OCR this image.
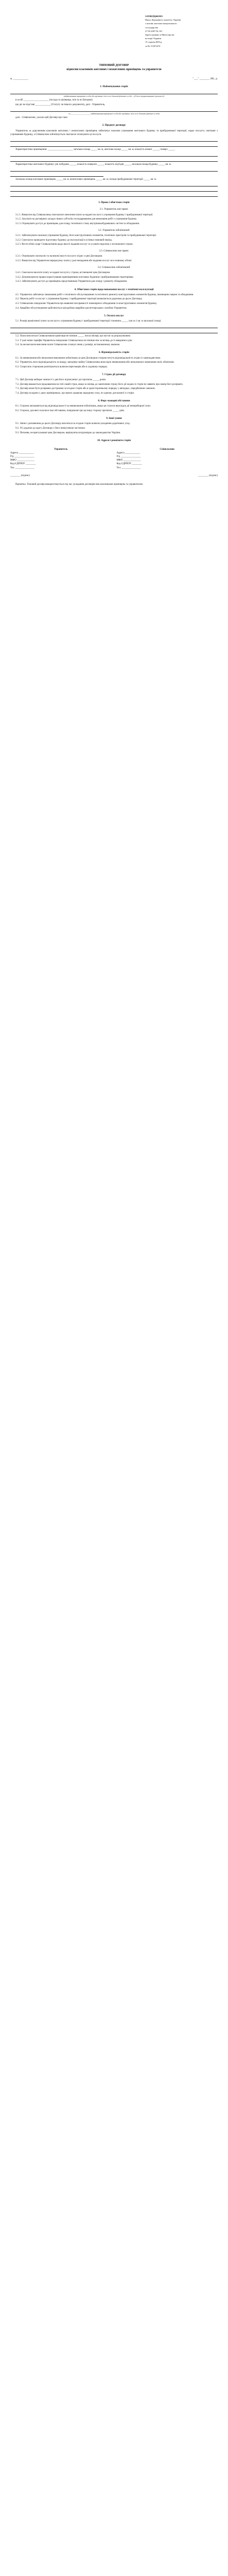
ЗАТВЕРДЖЕНО
Наказ Державного комітету України
з питань житлово-комунального
господарства
27.05.2007 № 101
Зареєстровано в Міністерстві
юстиції України
15 серпня 2003 р.
за № 1159/5474
ТИПОВИЙ ДОГОВІР
відносин власників житлових і нежитлових приміщень та управителя
м. ____________	" ___" ________ 200_ р.
1. Найменування сторін
(найменування юридичної особи або прізвище, ім'я та по батькові фізичної особи - суб'єкта підприємницької діяльності)
в особі ____________________ (посада та прізвище, ім'я та по батькові)
що діє на підставі ____________ (Статуту чи іншого документа), далі - Управитель,
та ____________________ (найменування юридичної особи або прізвище, ім'я та по батькові фізичної особи)
далі - Співвласник, уклали цей Договір про таке:
2. Предмет договору
Управитель за дорученням власників житлових і нежитлових приміщень забезпечує належне утримання житлового будинку та прибудинкової території, надає послуги, пов'язані з утриманням будинку, а Співвласник зобов'язується своєчасно оплачувати ці послуги.
Характеристика приміщення: ____________________ загальна площа _____ кв. м, житлова площа _____ кв. м, кількість кімнат _____, поверх _____.
Характеристика житлового будинку: рік побудови _____, кількість поверхів _____, кількість під'їздів _____, загальна площа будинку _____ кв. м.
Загальна площа житлових приміщень _____ кв. м, нежитлових приміщень _____ кв. м, площа прибудинкової території _____ кв. м.
3. Права і обов'язки сторін
3.1. Управитель має право:
3.1.1. Вимагати від Співвласника своєчасного внесення плати за надані послуги з утримання будинку і прибудинкової території.
3.1.2. Залучати на договірних засадах інших суб'єктів господарювання для виконання робіт з утримання будинку.
3.1.3. Отримувати доступ до приміщень для огляду технічного стану внутрішньобудинкових систем та обладнання.
3.2. Управитель зобов'язаний:
3.2.1. Забезпечувати належне утримання будинку, його конструктивних елементів, технічних пристроїв та прибудинкової території.
3.2.2. Своєчасно проводити підготовку будинку до експлуатації в осінньо-зимовий період.
3.2.3. Вести облік скарг Співвласників щодо якості надання послуг та усувати недоліки у встановлені строки.
3.3. Співвласник має право:
3.3.1. Отримувати своєчасно та належної якості послуги згідно з цим Договором.
3.3.2. Вимагати від Управителя перерахунку плати у разі ненадання або надання послуг не в повному обсязі.
3.4. Співвласник зобов'язаний:
3.4.1. Своєчасно вносити плату за надані послуги у строки, встановлені цим Договором.
3.4.2. Дотримуватися правил користування приміщеннями житлових будинків і прибудинковими територіями.
3.4.3. Забезпечувати доступ до приміщень представникам Управителя для огляду і ремонту обладнання.
4. Обов'язки сторін щодо виконання послуг з технічної експлуатації
4.1. Управитель забезпечує виконання робіт з технічного обслуговування та поточного ремонту конструктивних елементів будинку, інженерних мереж та обладнання.
4.2. Перелік робіт та послуг з утримання будинку і прибудинкової території визначається додатком до цього Договору.
4.3. Співвласник повідомляє Управителя про виявлені несправності інженерного обладнання та конструктивних елементів будинку.
4.4. Аварійне обслуговування здійснюється цілодобово аварійно-диспетчерською службою Управителя.
5. Оплата послуг
5.1. Розмір щомісячної плати за послуги з утримання будинку і прибудинкової території становить _____ грн за 1 кв. м загальної площі.
5.2. Плата вноситься Співвласником щомісяця не пізніше _____ числа місяця, що настає за розрахунковим.
5.3. У разі зміни тарифів Управитель повідомляє Співвласника не пізніше ніж за місяць до їх введення в дію.
5.4. За несвоєчасне внесення плати Співвласник сплачує пеню у розмірі, встановленому законом.
6. Відповідальність сторін
6.1. За невиконання або неналежне виконання зобов'язань за цим Договором сторони несуть відповідальність згідно із законодавством.
6.2. Управитель несе відповідальність за шкоду, заподіяну майну Співвласника внаслідок невиконання або неналежного виконання своїх обов'язків.
6.3. Спори між сторонами розв'язуються шляхом переговорів або в судовому порядку.
7. Строк дії договору
7.1. Цей Договір набирає чинності з дня його підписання і діє протягом _____ років.
7.2. Договір вважається продовженим на той самий строк, якщо за місяць до закінчення строку його дії жодна зі сторін не заявить про намір його розірвати.
7.3. Договір може бути розірвано достроково за згодою сторін або в односторонньому порядку у випадках, передбачених законом.
7.4. Договір складено у двох примірниках, що мають однакову юридичну силу, по одному для кожної із сторін.
8. Форс-мажорні обставини
8.1. Сторони звільняються від відповідальності за невиконання зобов'язань, якщо це сталося внаслідок дії непереборної сили.
8.2. Сторона, для якої склалися такі обставини, повідомляє про це іншу сторону протягом _____ днів.
9. Інші умови
9.1. Зміни і доповнення до цього Договору вносяться за згодою сторін шляхом укладення додаткових угод.
9.2. Усі додатки до цього Договору є його невід'ємною частиною.
9.3. Питання, не врегульовані цим Договором, вирішуються відповідно до законодавства України.
10. Адреси і реквізити сторін
Управитель
Адреса ____________
Р/р ________________
МФО ______________
Код ЄДРПОУ ________
Тел. _______________
Співвласник
Адреса ____________
Р/р ________________
МФО ______________
Код ЄДРПОУ ________
Тел. _______________
________ (підпис)	________ (підпис)
Примітка. Типовий договір використовується під час укладання договорів між власниками приміщень та управителем.
